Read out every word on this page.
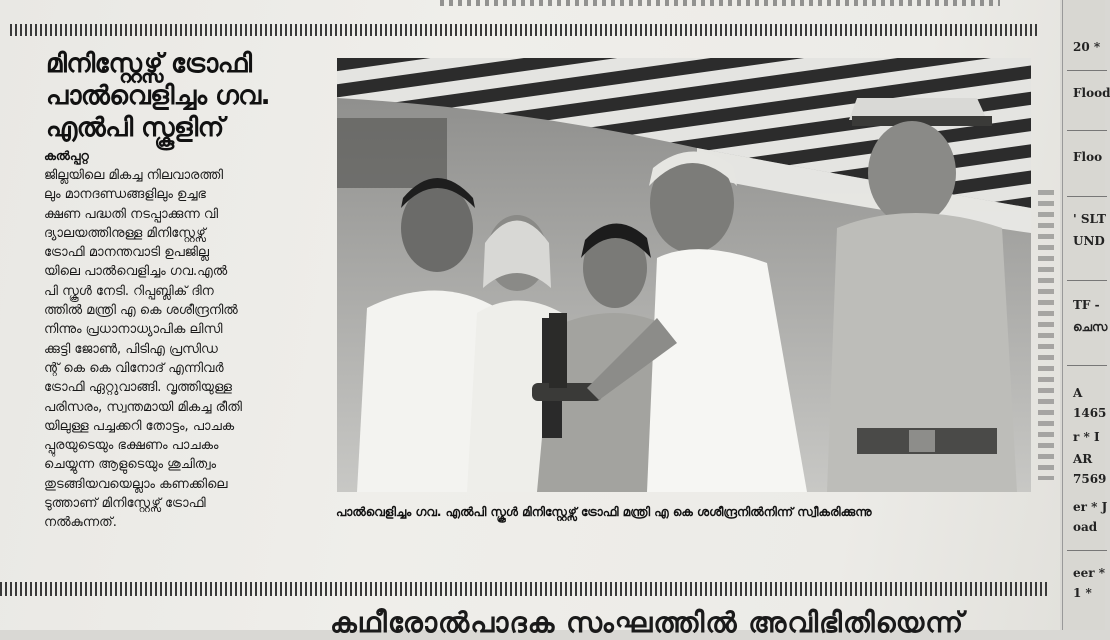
മിനിസ്റ്റേഴ്സ് ട്രോഫി
പാൽവെളിച്ചം ഗവ.
എൽപി സ്കൂളിന്

കൽപ്പറ്റ

ജില്ലയിലെ മികച്ച നിലവാരത്തി
ലും മാനദണ്ഡങ്ങളിലും ഉച്ചഭ
ക്ഷണ പദ്ധതി നടപ്പാക്കുന്ന വി
ദ്യാലയത്തിനുള്ള മിനിസ്റ്റേഴ്സ്
ട്രോഫി മാനന്തവാടി ഉപജില്ല
യിലെ പാൽവെളിച്ചം ഗവ.എൽ
പി സ്കൂൾ നേടി. റിപ്പബ്ലിക് ദിന
ത്തിൽ മന്ത്രി എ കെ ശശീന്ദ്രനിൽ
നിന്നും പ്രധാനാധ്യാപിക ലിസി
ക്കുട്ടി ജോൺ, പിടിഎ പ്രസിഡ
ന്റ് കെ കെ വിനോദ് എന്നിവർ
ട്രോഫി ഏറ്റുവാങ്ങി. വൃത്തിയുള്ള
പരിസരം, സ്വന്തമായി മികച്ച രീതി
യിലുള്ള പച്ചക്കറി തോട്ടം, പാചക
പ്പുരയുടെയും ഭക്ഷണം പാചകം
ചെയ്യുന്ന ആളുടെയും ശുചിത്വം
തുടങ്ങിയവയെല്ലാം കണക്കിലെ
ടുത്താണ് മിനിസ്റ്റേഴ്സ് ട്രോഫി
നൽകുന്നത്.

പാൽവെളിച്ചം ഗവ. എൽപി സ്കൂൾ മിനിസ്റ്റേഴ്സ് ട്രോഫി മന്ത്രി എ കെ ശശീന്ദ്രനിൽനിന്ന് സ്വീകരിക്കുന്നു

കഥീരോൽപാദക സംഘത്തിൽ അവിഭിതിയെന്ന്

20 *
Flood
Floo
' SLT
UND
TF -
ചെസ
A
1465
r * I
AR
7569
er * J
oad
eer *
1 *
